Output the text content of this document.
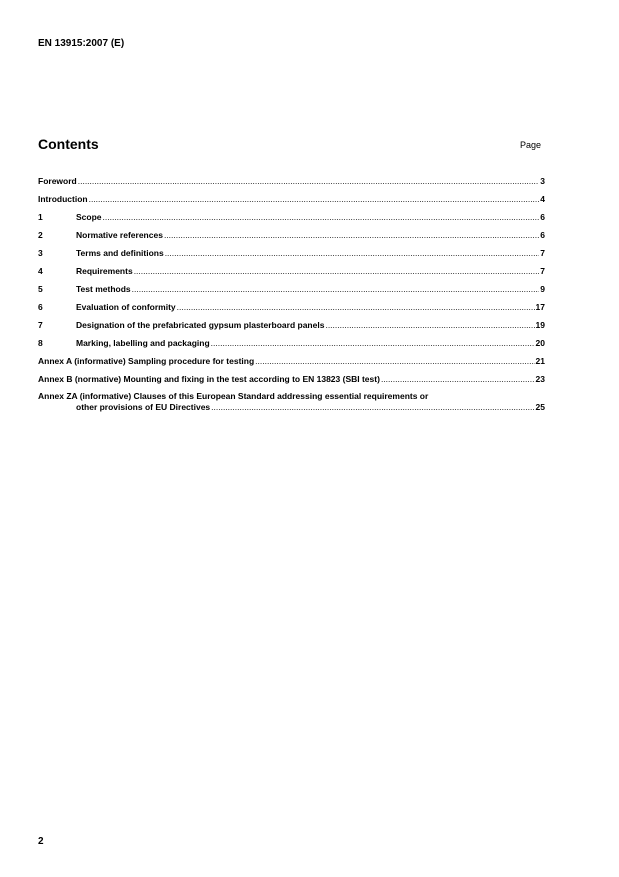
EN 13915:2007 (E)
Contents	Page
Foreword .....	3
Introduction .....	4
1	Scope .....	6
2	Normative references .....	6
3	Terms and definitions .....	7
4	Requirements .....	7
5	Test methods .....	9
6	Evaluation of conformity .....	17
7	Designation of the prefabricated gypsum plasterboard panels .....	19
8	Marking, labelling and packaging .....	20
Annex A (informative) Sampling procedure for testing .....	21
Annex B (normative) Mounting and fixing in the test according to EN 13823 (SBI test) .....	23
Annex ZA (informative) Clauses of this European Standard addressing essential requirements or
other provisions of EU Directives .....	25
2
